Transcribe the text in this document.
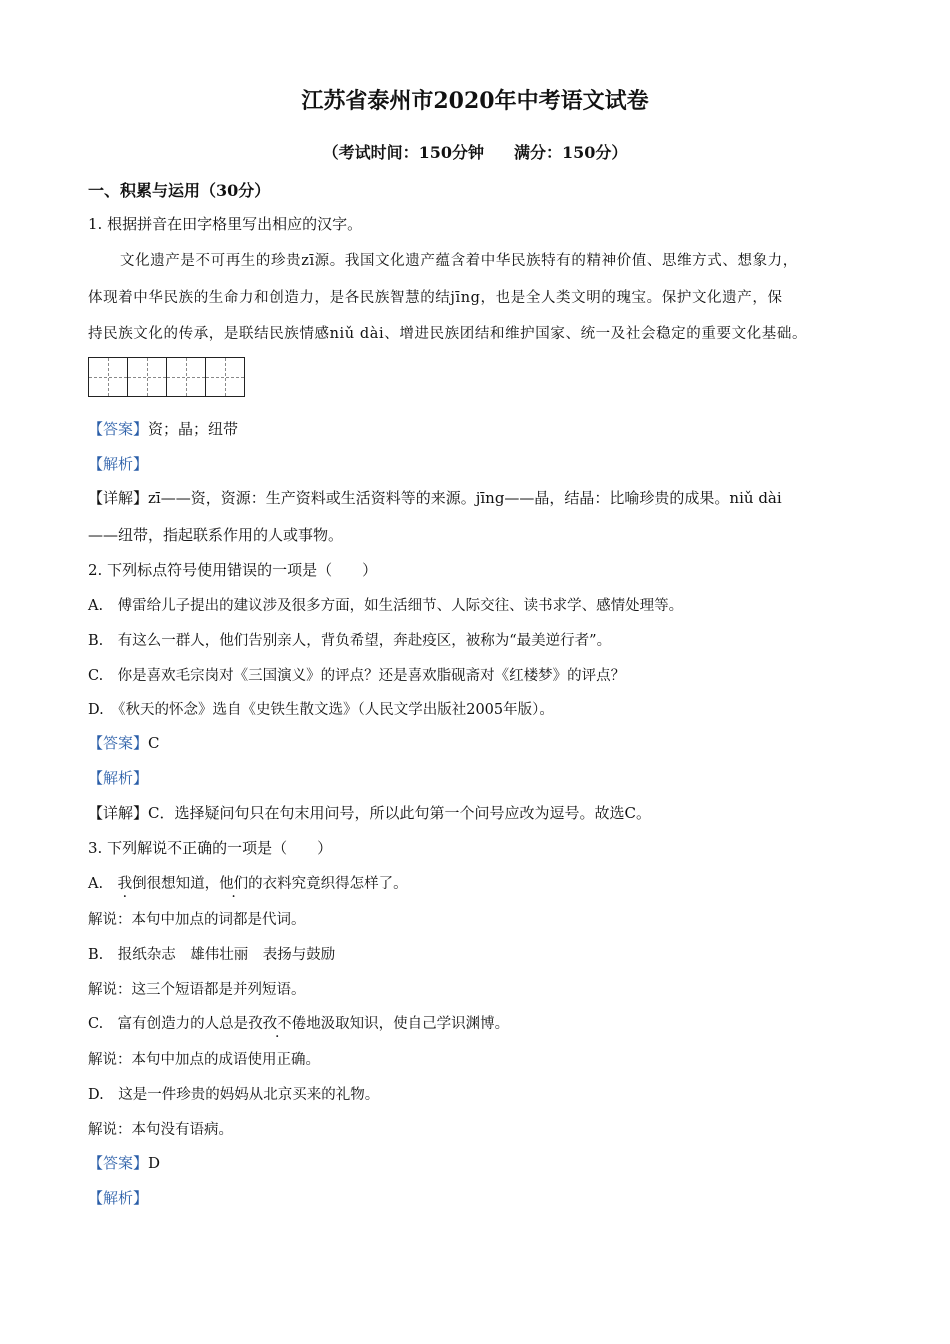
江苏省泰州市2020年中考语文试卷
（考试时间：150分钟 满分：150分）
一、积累与运用（30分）
1. 根据拼音在田字格里写出相应的汉字。
文化遗产是不可再生的珍贵zī源。我国文化遗产蕴含着中华民族特有的精神价值、思维方式、想象力，
体现着中华民族的生命力和创造力，是各民族智慧的结jīng，也是全人类文明的瑰宝。保护文化遗产，保
持民族文化的传承，是联结民族情感niǔ dài、增进民族团结和维护国家、统一及社会稳定的重要文化基础。
【答案】资；晶；纽带
【解析】
【详解】zī——资，资源：生产资料或生活资料等的来源。jīng——晶，结晶：比喻珍贵的成果。niǔ dài
——纽带，指起联系作用的人或事物。
2. 下列标点符号使用错误的一项是（　　）
A.　傅雷给儿子提出的建议涉及很多方面，如生活细节、人际交往、读书求学、感情处理等。
B.　有这么一群人，他们告别亲人，背负希望，奔赴疫区，被称为“最美逆行者”。
C.　你是喜欢毛宗岗对《三国演义》的评点？还是喜欢脂砚斋对《红楼梦》的评点？
D.　《秋天的怀念》选自《史铁生散文选》（人民文学出版社2005年版）。
【答案】C
【解析】
【详解】C．选择疑问句只在句末用问号，所以此句第一个问号应改为逗号。故选C。
3. 下列解说不正确的一项是（　　）
A.　我倒很想知道，他们的衣料究竟织得怎样了。
解说：本句中加点的词都是代词。
B.　报纸杂志　雄伟壮丽　表扬与鼓励
解说：这三个短语都是并列短语。
C.　富有创造力的人总是孜孜不倦地汲取知识，使自己学识渊博。
解说：本句中加点的成语使用正确。
D.　这是一件珍贵的妈妈从北京买来的礼物。
解说：本句没有语病。
【答案】D
【解析】
